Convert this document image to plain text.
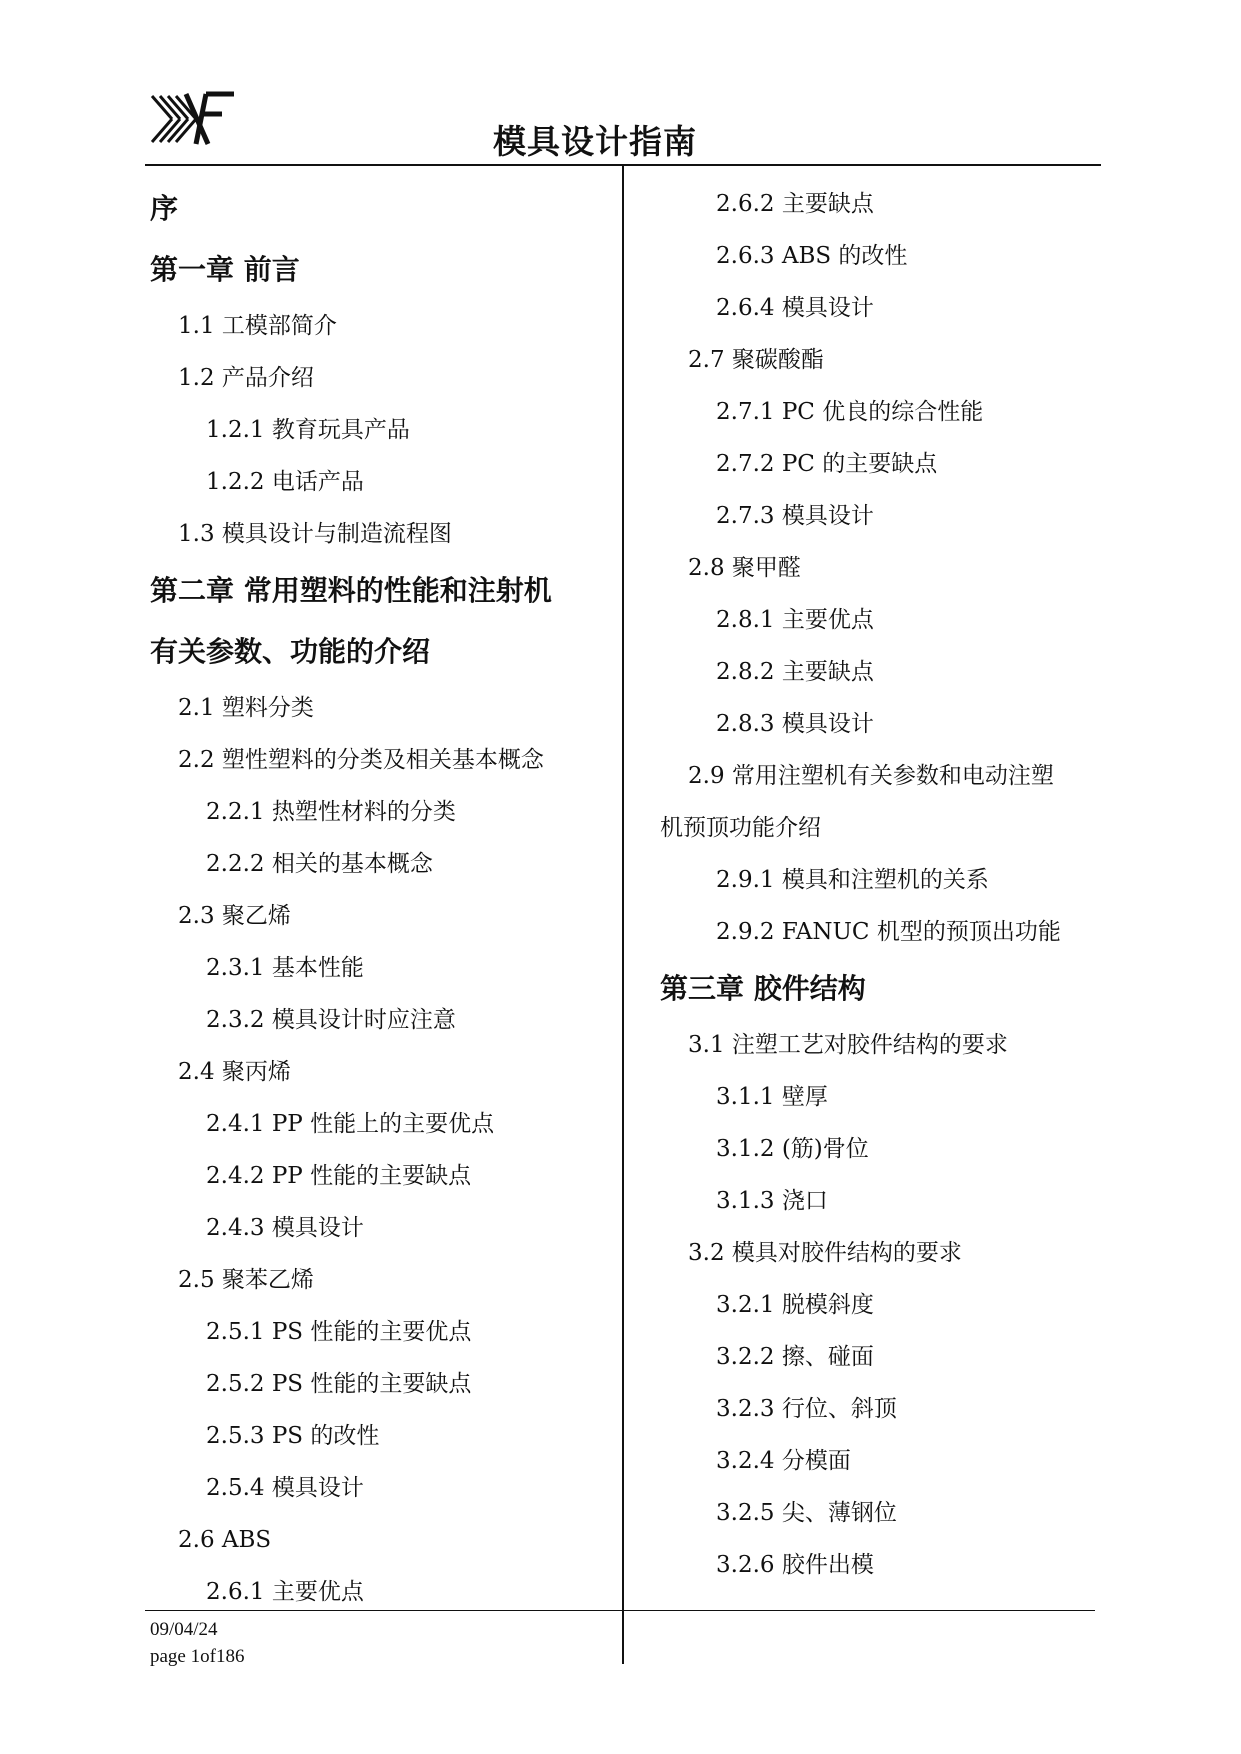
模具设计指南
序
第一章 前言
1.1 工模部简介
1.2 产品介绍
1.2.1 教育玩具产品
1.2.2 电话产品
1.3 模具设计与制造流程图
第二章 常用塑料的性能和注射机
有关参数、功能的介绍
2.1 塑料分类
2.2 塑性塑料的分类及相关基本概念
2.2.1 热塑性材料的分类
2.2.2 相关的基本概念
2.3 聚乙烯
2.3.1 基本性能
2.3.2 模具设计时应注意
2.4 聚丙烯
2.4.1 PP 性能上的主要优点
2.4.2 PP 性能的主要缺点
2.4.3 模具设计
2.5 聚苯乙烯
2.5.1 PS 性能的主要优点
2.5.2 PS 性能的主要缺点
2.5.3 PS 的改性
2.5.4 模具设计
2.6 ABS
2.6.1 主要优点
2.6.2 主要缺点
2.6.3 ABS 的改性
2.6.4 模具设计
2.7 聚碳酸酯
2.7.1 PC 优良的综合性能
2.7.2 PC 的主要缺点
2.7.3 模具设计
2.8 聚甲醛
2.8.1 主要优点
2.8.2 主要缺点
2.8.3 模具设计
2.9 常用注塑机有关参数和电动注塑
机预顶功能介绍
2.9.1 模具和注塑机的关系
2.9.2 FANUC 机型的预顶出功能
第三章 胶件结构
3.1 注塑工艺对胶件结构的要求
3.1.1 壁厚
3.1.2 (筋)骨位
3.1.3 浇口
3.2 模具对胶件结构的要求
3.2.1 脱模斜度
3.2.2 擦、碰面
3.2.3 行位、斜顶
3.2.4 分模面
3.2.5 尖、薄钢位
3.2.6 胶件出模
09/04/24
page 1of186
